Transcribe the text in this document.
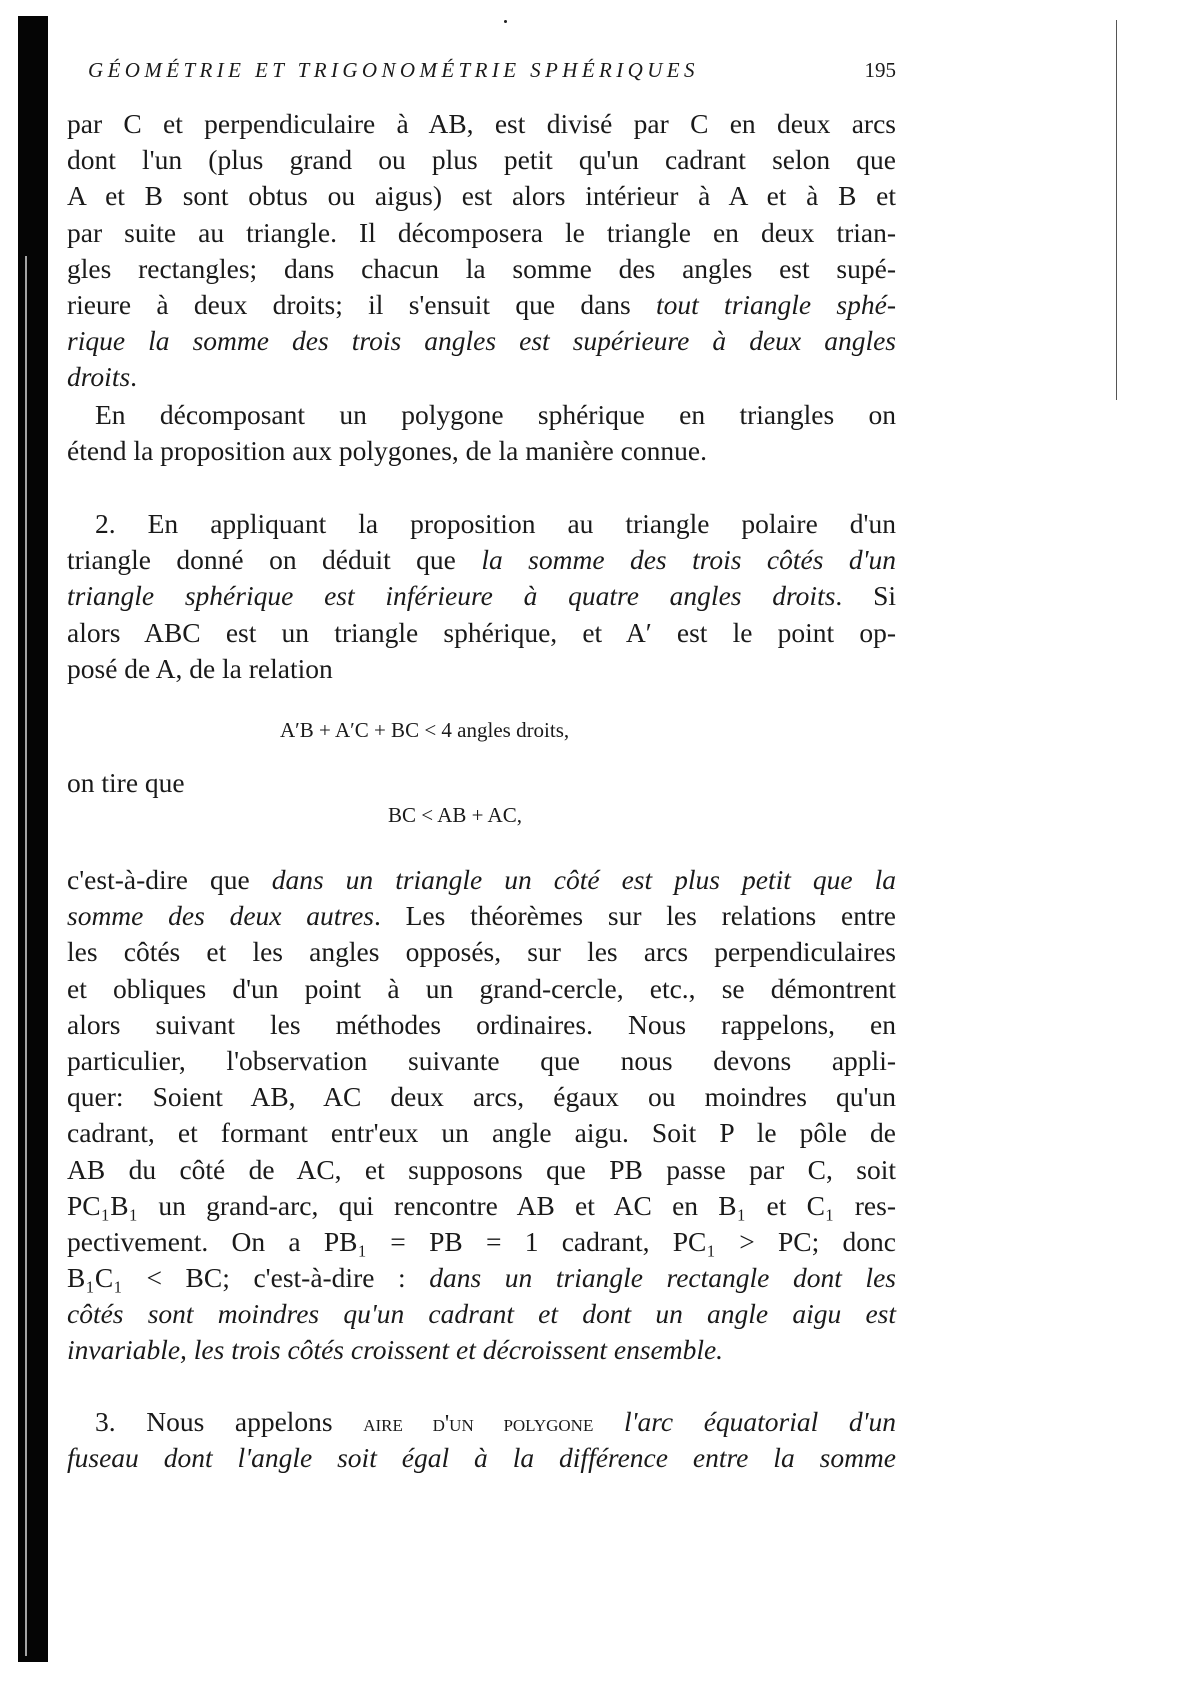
GÉOMÉTRIE ET TRIGONOMÉTRIE SPHÉRIQUES	195
par C et perpendiculaire à AB, est divisé par C en deux arcs
dont l'un (plus grand ou plus petit qu'un cadrant selon que
A et B sont obtus ou aigus) est alors intérieur à A et à B et
par suite au triangle. Il décomposera le triangle en deux trian-
gles rectangles; dans chacun la somme des angles est supé-
rieure à deux droits; il s'ensuit que dans tout triangle sphé-
rique la somme des trois angles est supérieure à deux angles
droits.
En décomposant un polygone sphérique en triangles on
étend la proposition aux polygones, de la manière connue.
2. En appliquant la proposition au triangle polaire d'un
triangle donné on déduit que la somme des trois côtés d'un
triangle sphérique est inférieure à quatre angles droits. Si
alors ABC est un triangle sphérique, et A′ est le point op-
posé de A, de la relation
A′B + A′C + BC < 4 angles droits,
on tire que
BC < AB + AC,
c'est-à-dire que dans un triangle un côté est plus petit que la
somme des deux autres. Les théorèmes sur les relations entre
les côtés et les angles opposés, sur les arcs perpendiculaires
et obliques d'un point à un grand-cercle, etc., se démontrent
alors suivant les méthodes ordinaires. Nous rappelons, en
particulier, l'observation suivante que nous devons appli-
quer: Soient AB, AC deux arcs, égaux ou moindres qu'un
cadrant, et formant entr'eux un angle aigu. Soit P le pôle de
AB du côté de AC, et supposons que PB passe par C, soit
PC₁B₁ un grand-arc, qui rencontre AB et AC en B₁ et C₁ res-
pectivement. On a PB₁ = PB = 1 cadrant, PC₁ > PC; donc
B₁C₁ < BC; c'est-à-dire : dans un triangle rectangle dont les
côtés sont moindres qu'un cadrant et dont un angle aigu est
invariable, les trois côtés croissent et décroissent ensemble.
3. Nous appelons aire d'un polygone l'arc équatorial d'un
fuseau dont l'angle soit égal à la différence entre la somme
